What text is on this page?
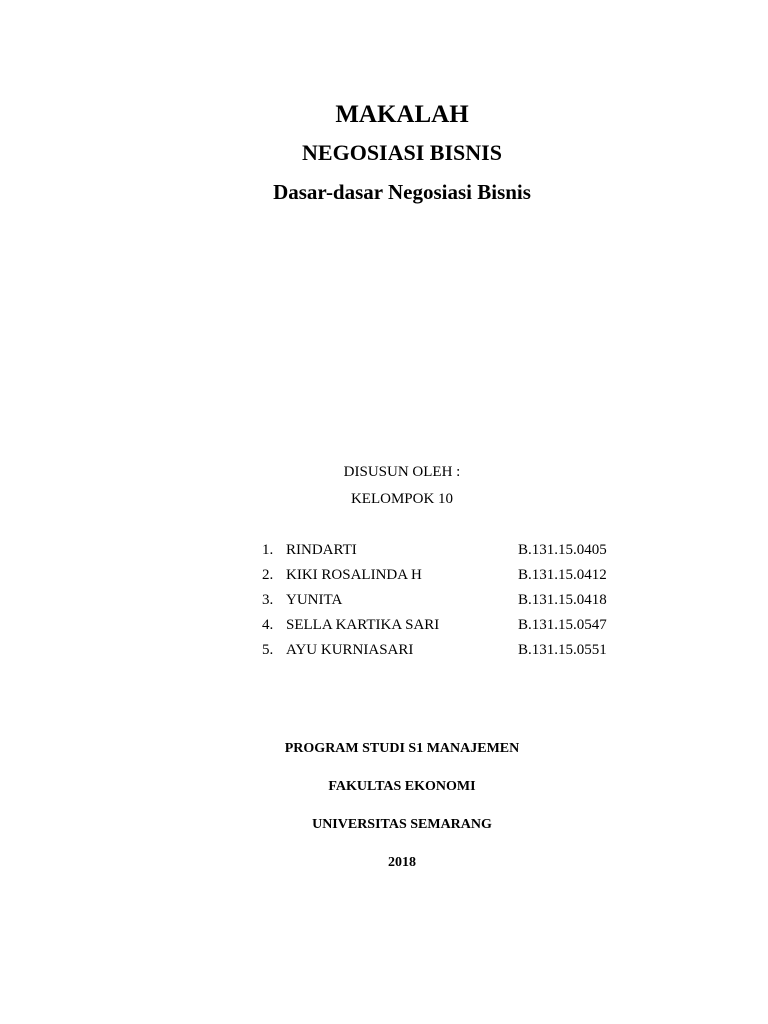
MAKALAH
NEGOSIASI BISNIS
Dasar-dasar Negosiasi Bisnis
DISUSUN OLEH :
KELOMPOK 10
1. RINDARTI	B.131.15.0405
2. KIKI ROSALINDA H	B.131.15.0412
3. YUNITA	B.131.15.0418
4. SELLA KARTIKA SARI	B.131.15.0547
5. AYU KURNIASARI	B.131.15.0551
PROGRAM STUDI S1 MANAJEMEN
FAKULTAS EKONOMI
UNIVERSITAS SEMARANG
2018
